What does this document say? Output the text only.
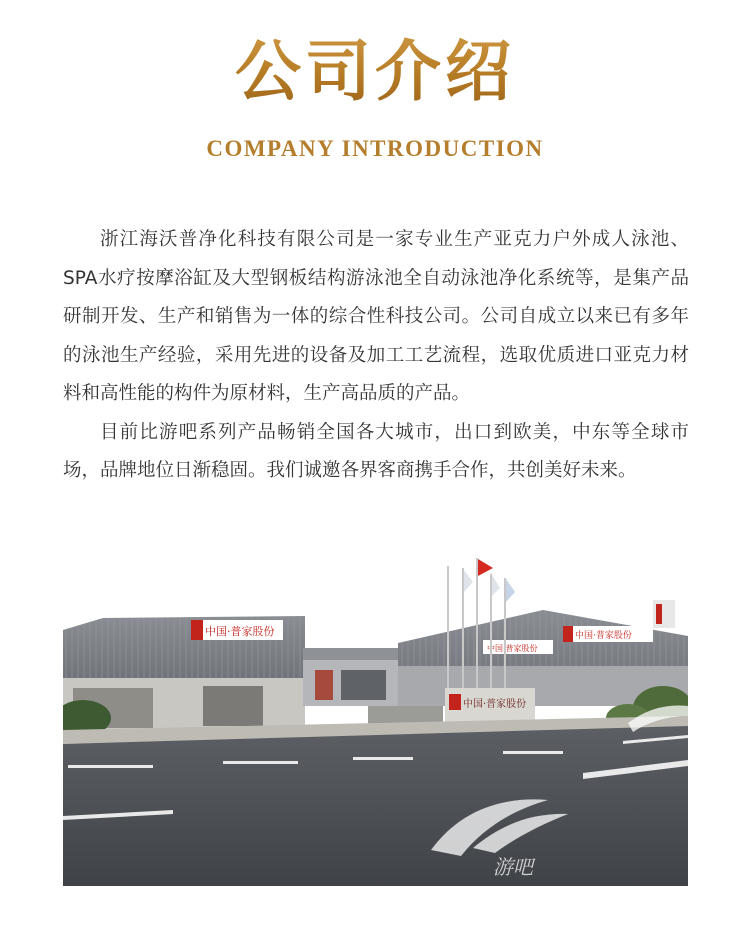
公司介绍
COMPANY INTRODUCTION

浙江海沃普净化科技有限公司是一家专业生产亚克力户外成人泳池、SPA水疗按摩浴缸及大型钢板结构游泳池全自动泳池净化系统等，是集产品研制开发、生产和销售为一体的综合性科技公司。公司自成立以来已有多年的泳池生产经验，采用先进的设备及加工工艺流程，选取优质进口亚克力材料和高性能的构件为原材料，生产高品质的产品。

目前比游吧系列产品畅销全国各大城市，出口到欧美，中东等全球市场，品牌地位日渐稳固。我们诚邀各界客商携手合作，共创美好未来。

中国·普家股份	中国·普家股份
中国·普家股份
中国·普家股份
游吧
